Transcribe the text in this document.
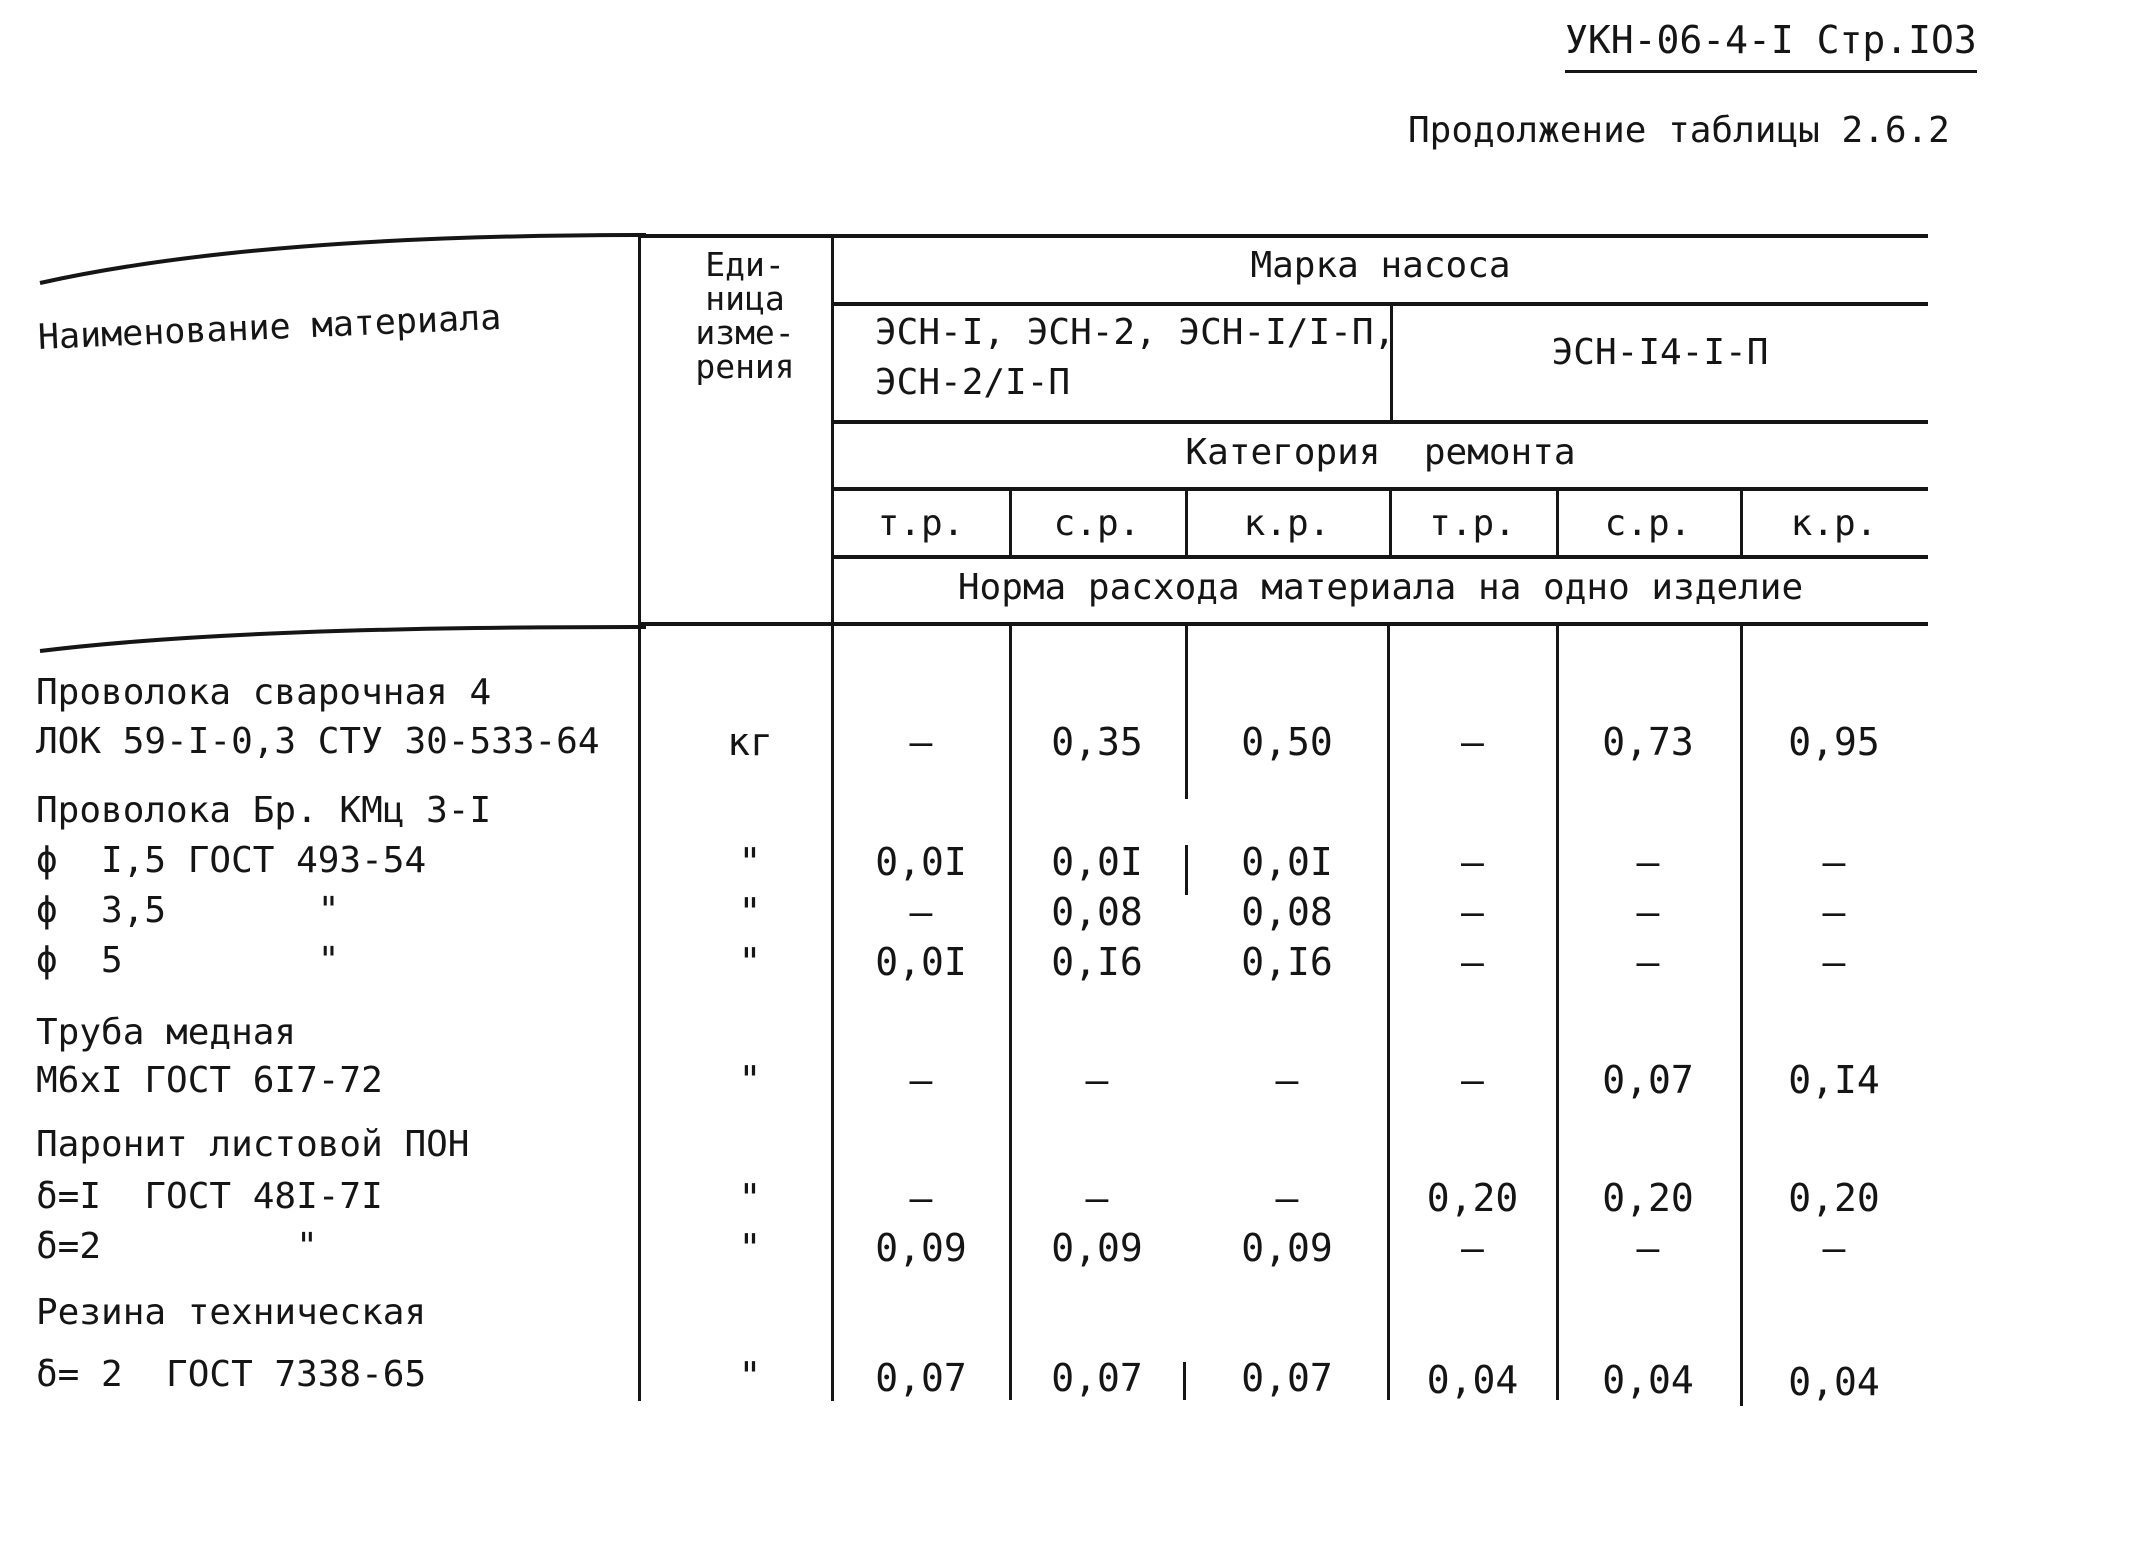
УКН-06-4-I Стр.IO3
Продолжение таблицы 2.6.2
Наименование материала
Еди-
ница
изме-
рения
Марка насоса
ЭСН-I, ЭСН-2, ЭСН-I/I-П,
ЭСН-2/I-П
ЭСН-I4-I-П
Категория  ремонта
т.р.	с.р.	к.р.	т.р.	с.р.	к.р.
Норма расхода материала на одно изделие
Проволока сварочная 4
ЛОК 59-I-0,3 СТУ 30-533-64	кг	–	0,35	0,50	–	0,73	0,95
Проволока Бр. КМц 3-I
ϕ  I,5 ГОСТ 493-54	"	0,0I	0,0I	0,0I	–	–	–
ϕ  3,5       "	"	–	0,08	0,08	–	–	–
ϕ  5         "	"	0,0I	0,I6	0,I6	–	–	–
Труба медная
М6хI ГОСТ 6I7-72	"	–	–	–	–	0,07	0,I4
Паронит листовой ПОН
δ=I  ГОСТ 48I-7I	"	–	–	–	0,20	0,20	0,20
δ=2         "	"	0,09	0,09	0,09	–	–	–
Резина техническая
δ= 2  ГОСТ 7338-65	"	0,07	0,07	0,07	0,04	0,04	0,04
